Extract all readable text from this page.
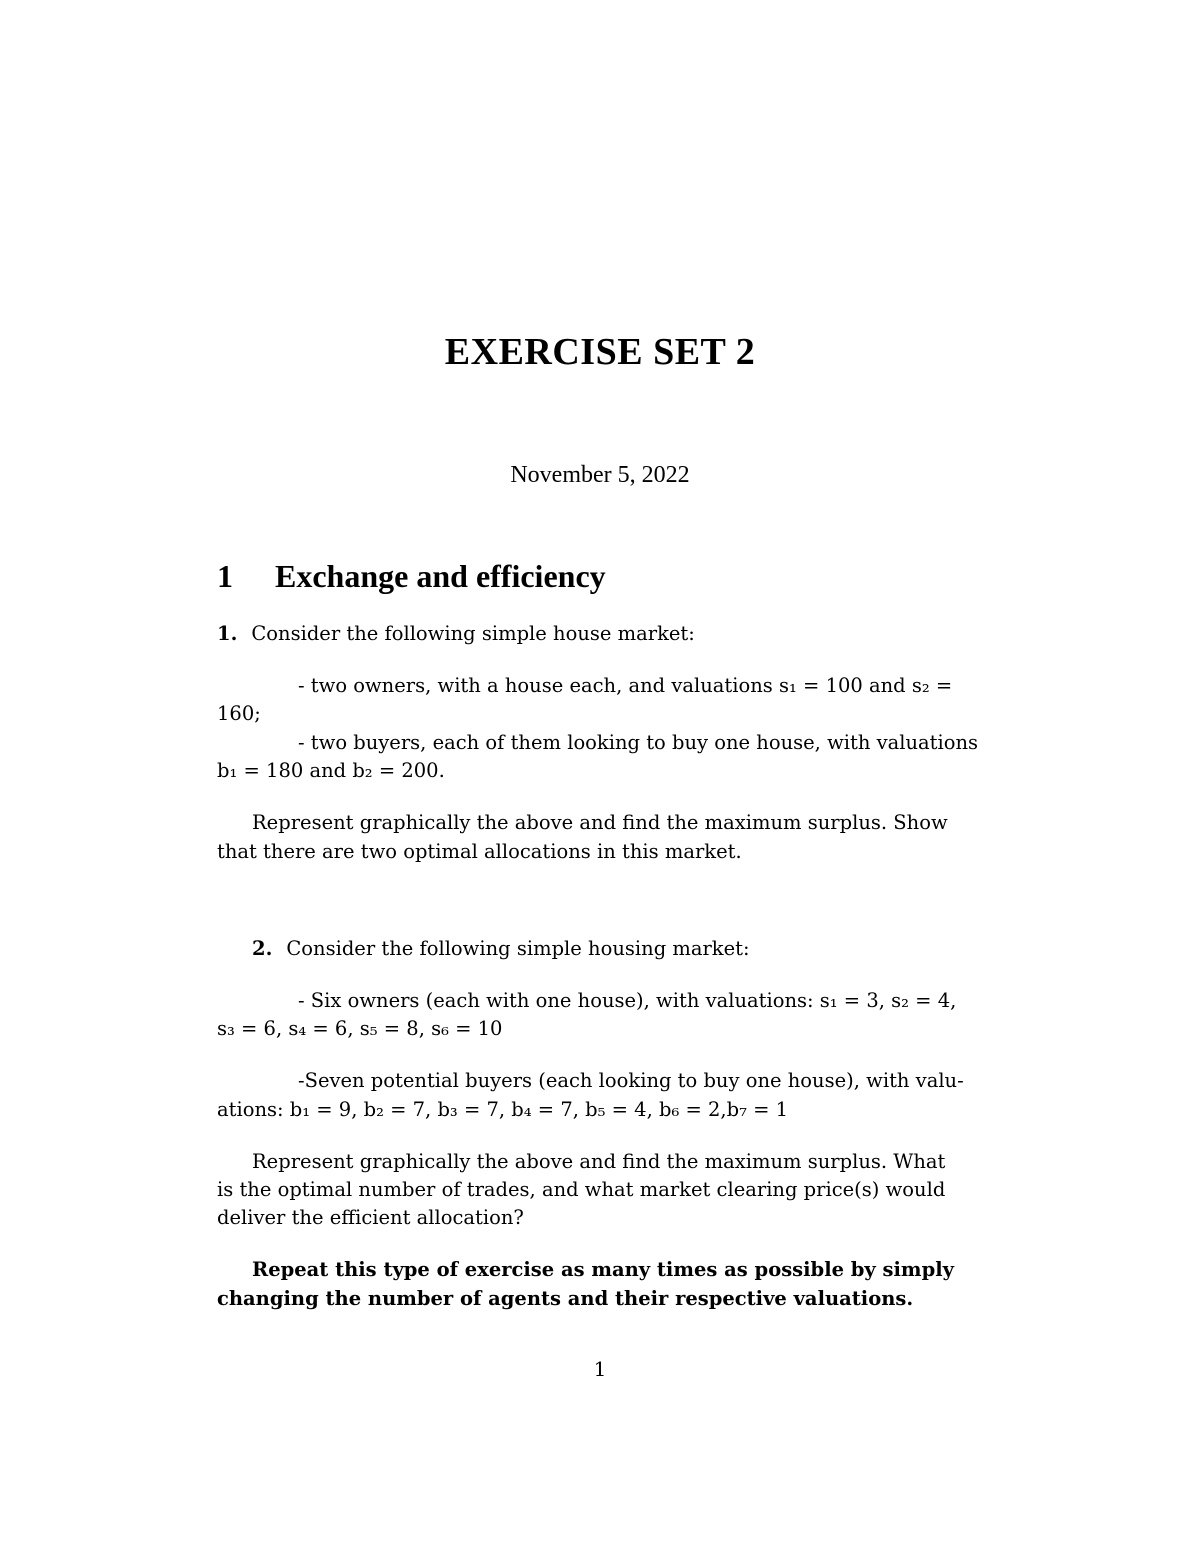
EXERCISE SET 2
November 5, 2022
1 Exchange and efficiency
1. Consider the following simple house market:
- two owners, with a house each, and valuations s₁ = 100 and s₂ =
160;
- two buyers, each of them looking to buy one house, with valuations
b₁ = 180 and b₂ = 200.
Represent graphically the above and find the maximum surplus. Show
that there are two optimal allocations in this market.
2. Consider the following simple housing market:
- Six owners (each with one house), with valuations: s₁ = 3, s₂ = 4,
s₃ = 6, s₄ = 6, s₅ = 8, s₆ = 10
-Seven potential buyers (each looking to buy one house), with valu-
ations: b₁ = 9, b₂ = 7, b₃ = 7, b₄ = 7, b₅ = 4, b₆ = 2,b₇ = 1
Represent graphically the above and find the maximum surplus. What
is the optimal number of trades, and what market clearing price(s) would
deliver the efficient allocation?
Repeat this type of exercise as many times as possible by simply
changing the number of agents and their respective valuations.
1
